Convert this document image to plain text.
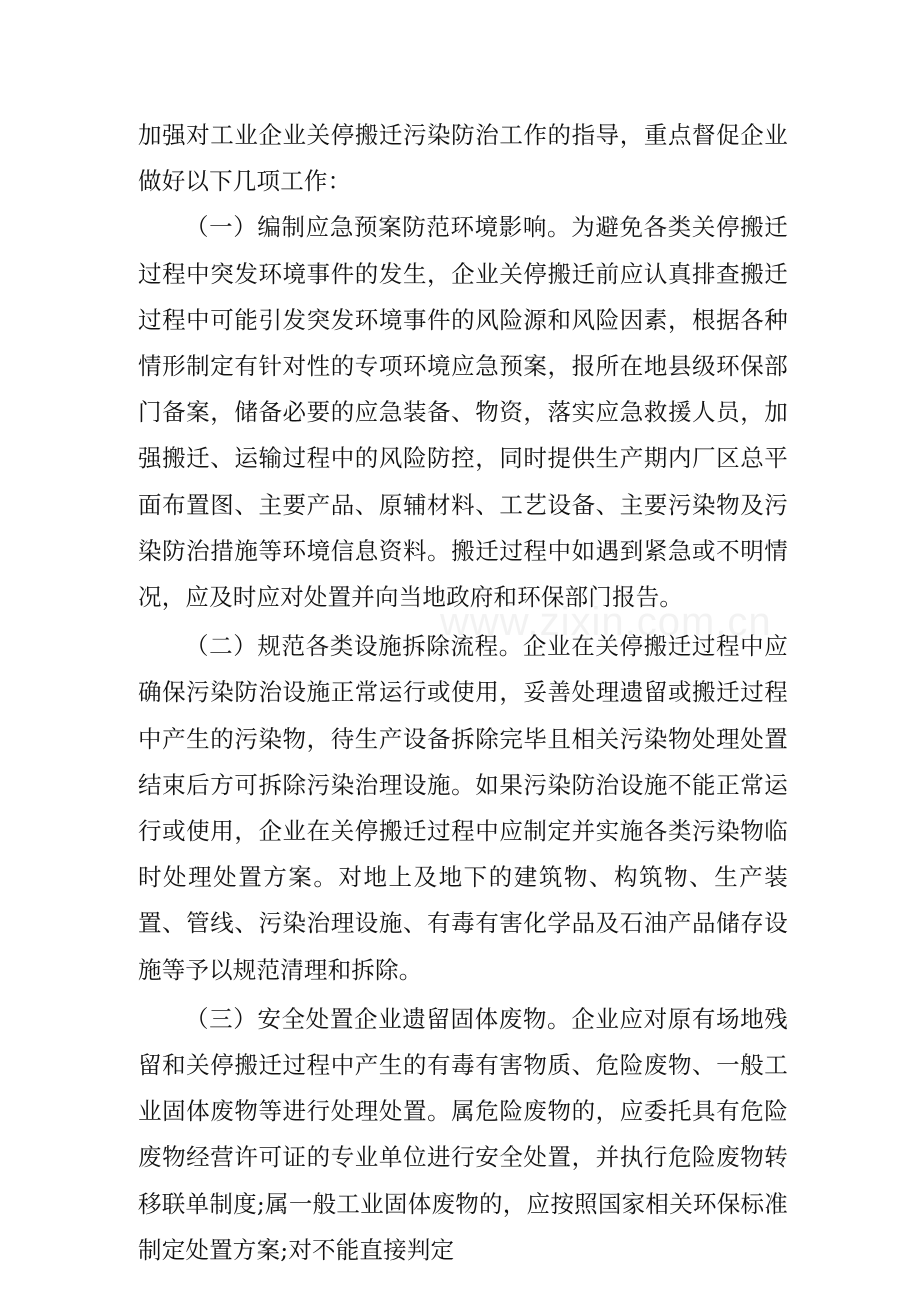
加强对工业企业关停搬迁污染防治工作的指导，重点督促企业做好以下几项工作：

（一）编制应急预案防范环境影响。为避免各类关停搬迁过程中突发环境事件的发生，企业关停搬迁前应认真排查搬迁过程中可能引发突发环境事件的风险源和风险因素，根据各种情形制定有针对性的专项环境应急预案，报所在地县级环保部门备案，储备必要的应急装备、物资，落实应急救援人员，加强搬迁、运输过程中的风险防控，同时提供生产期内厂区总平面布置图、主要产品、原辅材料、工艺设备、主要污染物及污染防治措施等环境信息资料。搬迁过程中如遇到紧急或不明情况，应及时应对处置并向当地政府和环保部门报告。

（二）规范各类设施拆除流程。企业在关停搬迁过程中应确保污染防治设施正常运行或使用，妥善处理遗留或搬迁过程中产生的污染物，待生产设备拆除完毕且相关污染物处理处置结束后方可拆除污染治理设施。如果污染防治设施不能正常运行或使用，企业在关停搬迁过程中应制定并实施各类污染物临时处理处置方案。对地上及地下的建筑物、构筑物、生产装置、管线、污染治理设施、有毒有害化学品及石油产品储存设施等予以规范清理和拆除。

（三）安全处置企业遗留固体废物。企业应对原有场地残留和关停搬迁过程中产生的有毒有害物质、危险废物、一般工业固体废物等进行处理处置。属危险废物的，应委托具有危险废物经营许可证的专业单位进行安全处置，并执行危险废物转移联单制度;属一般工业固体废物的，应按照国家相关环保标准制定处置方案;对不能直接判定

www.zixin.com.cn
